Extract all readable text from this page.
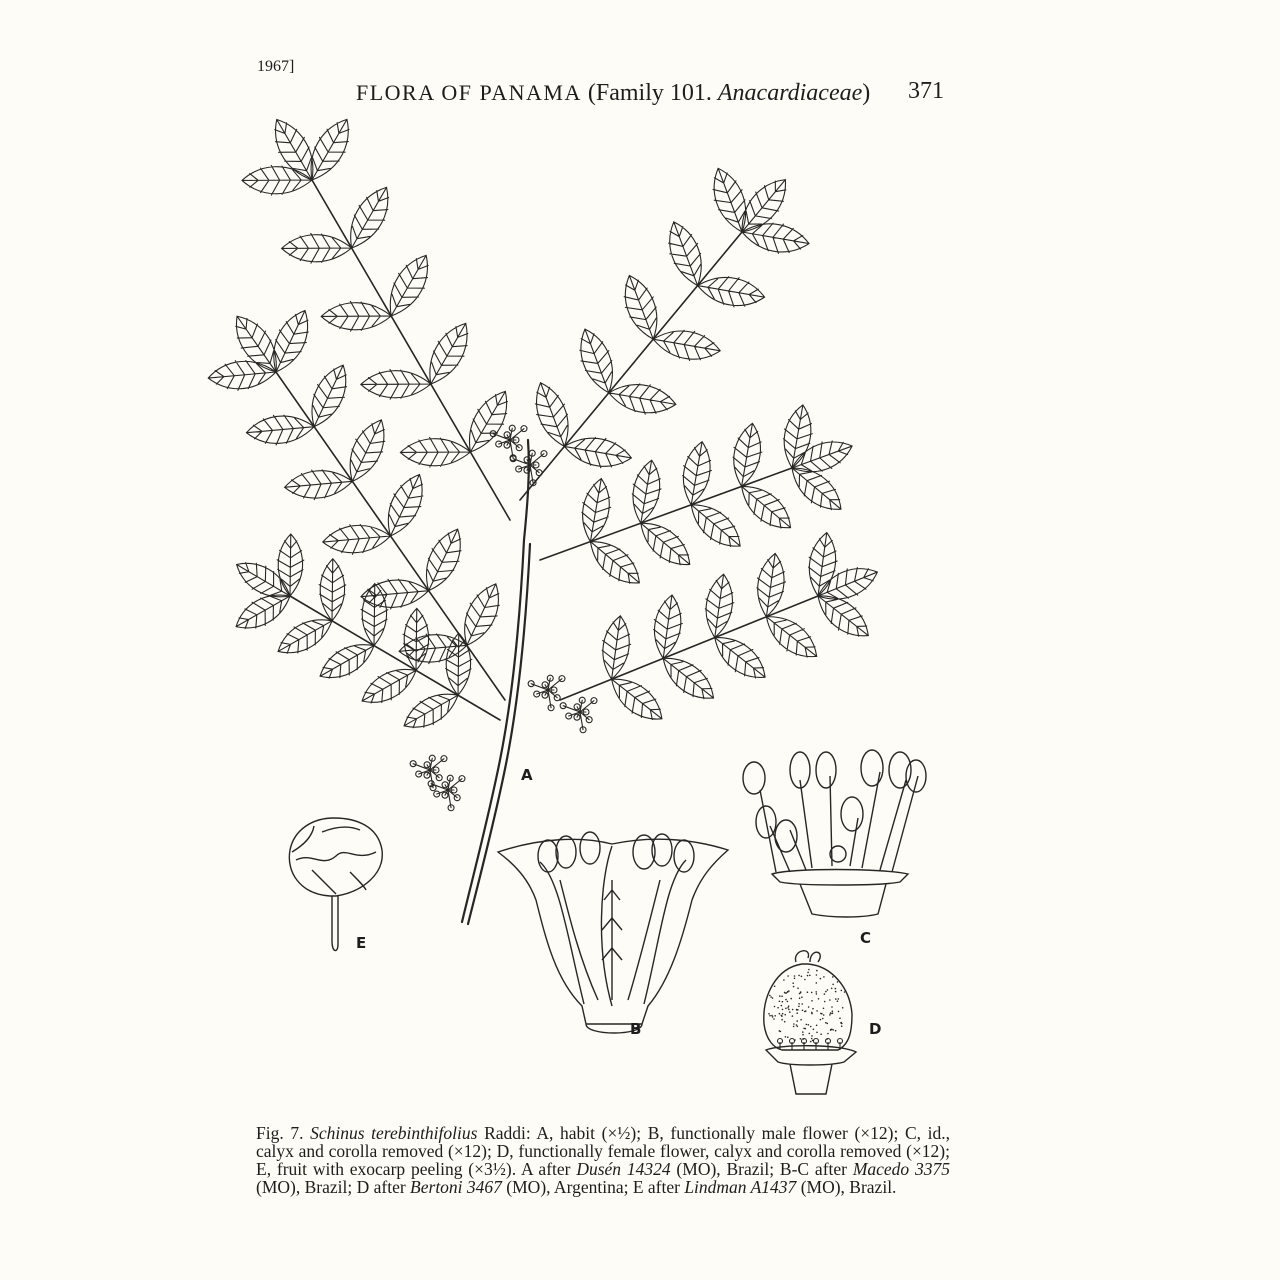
1967]
FLORA OF PANAMA (Family 101. Anacardiaceae) 371
A
B
C
D
E
Fig. 7. Schinus terebinthifolius Raddi: A, habit (×½); B, functionally male flower (×12); C, id., calyx and corolla removed (×12); D, functionally female flower, calyx and corolla removed (×12); E, fruit with exocarp peeling (×3½). A after Dusén 14324 (MO), Brazil; B-C after Macedo 3375 (MO), Brazil; D after Bertoni 3467 (MO), Argentina; E after Lindman A1437 (MO), Brazil.
